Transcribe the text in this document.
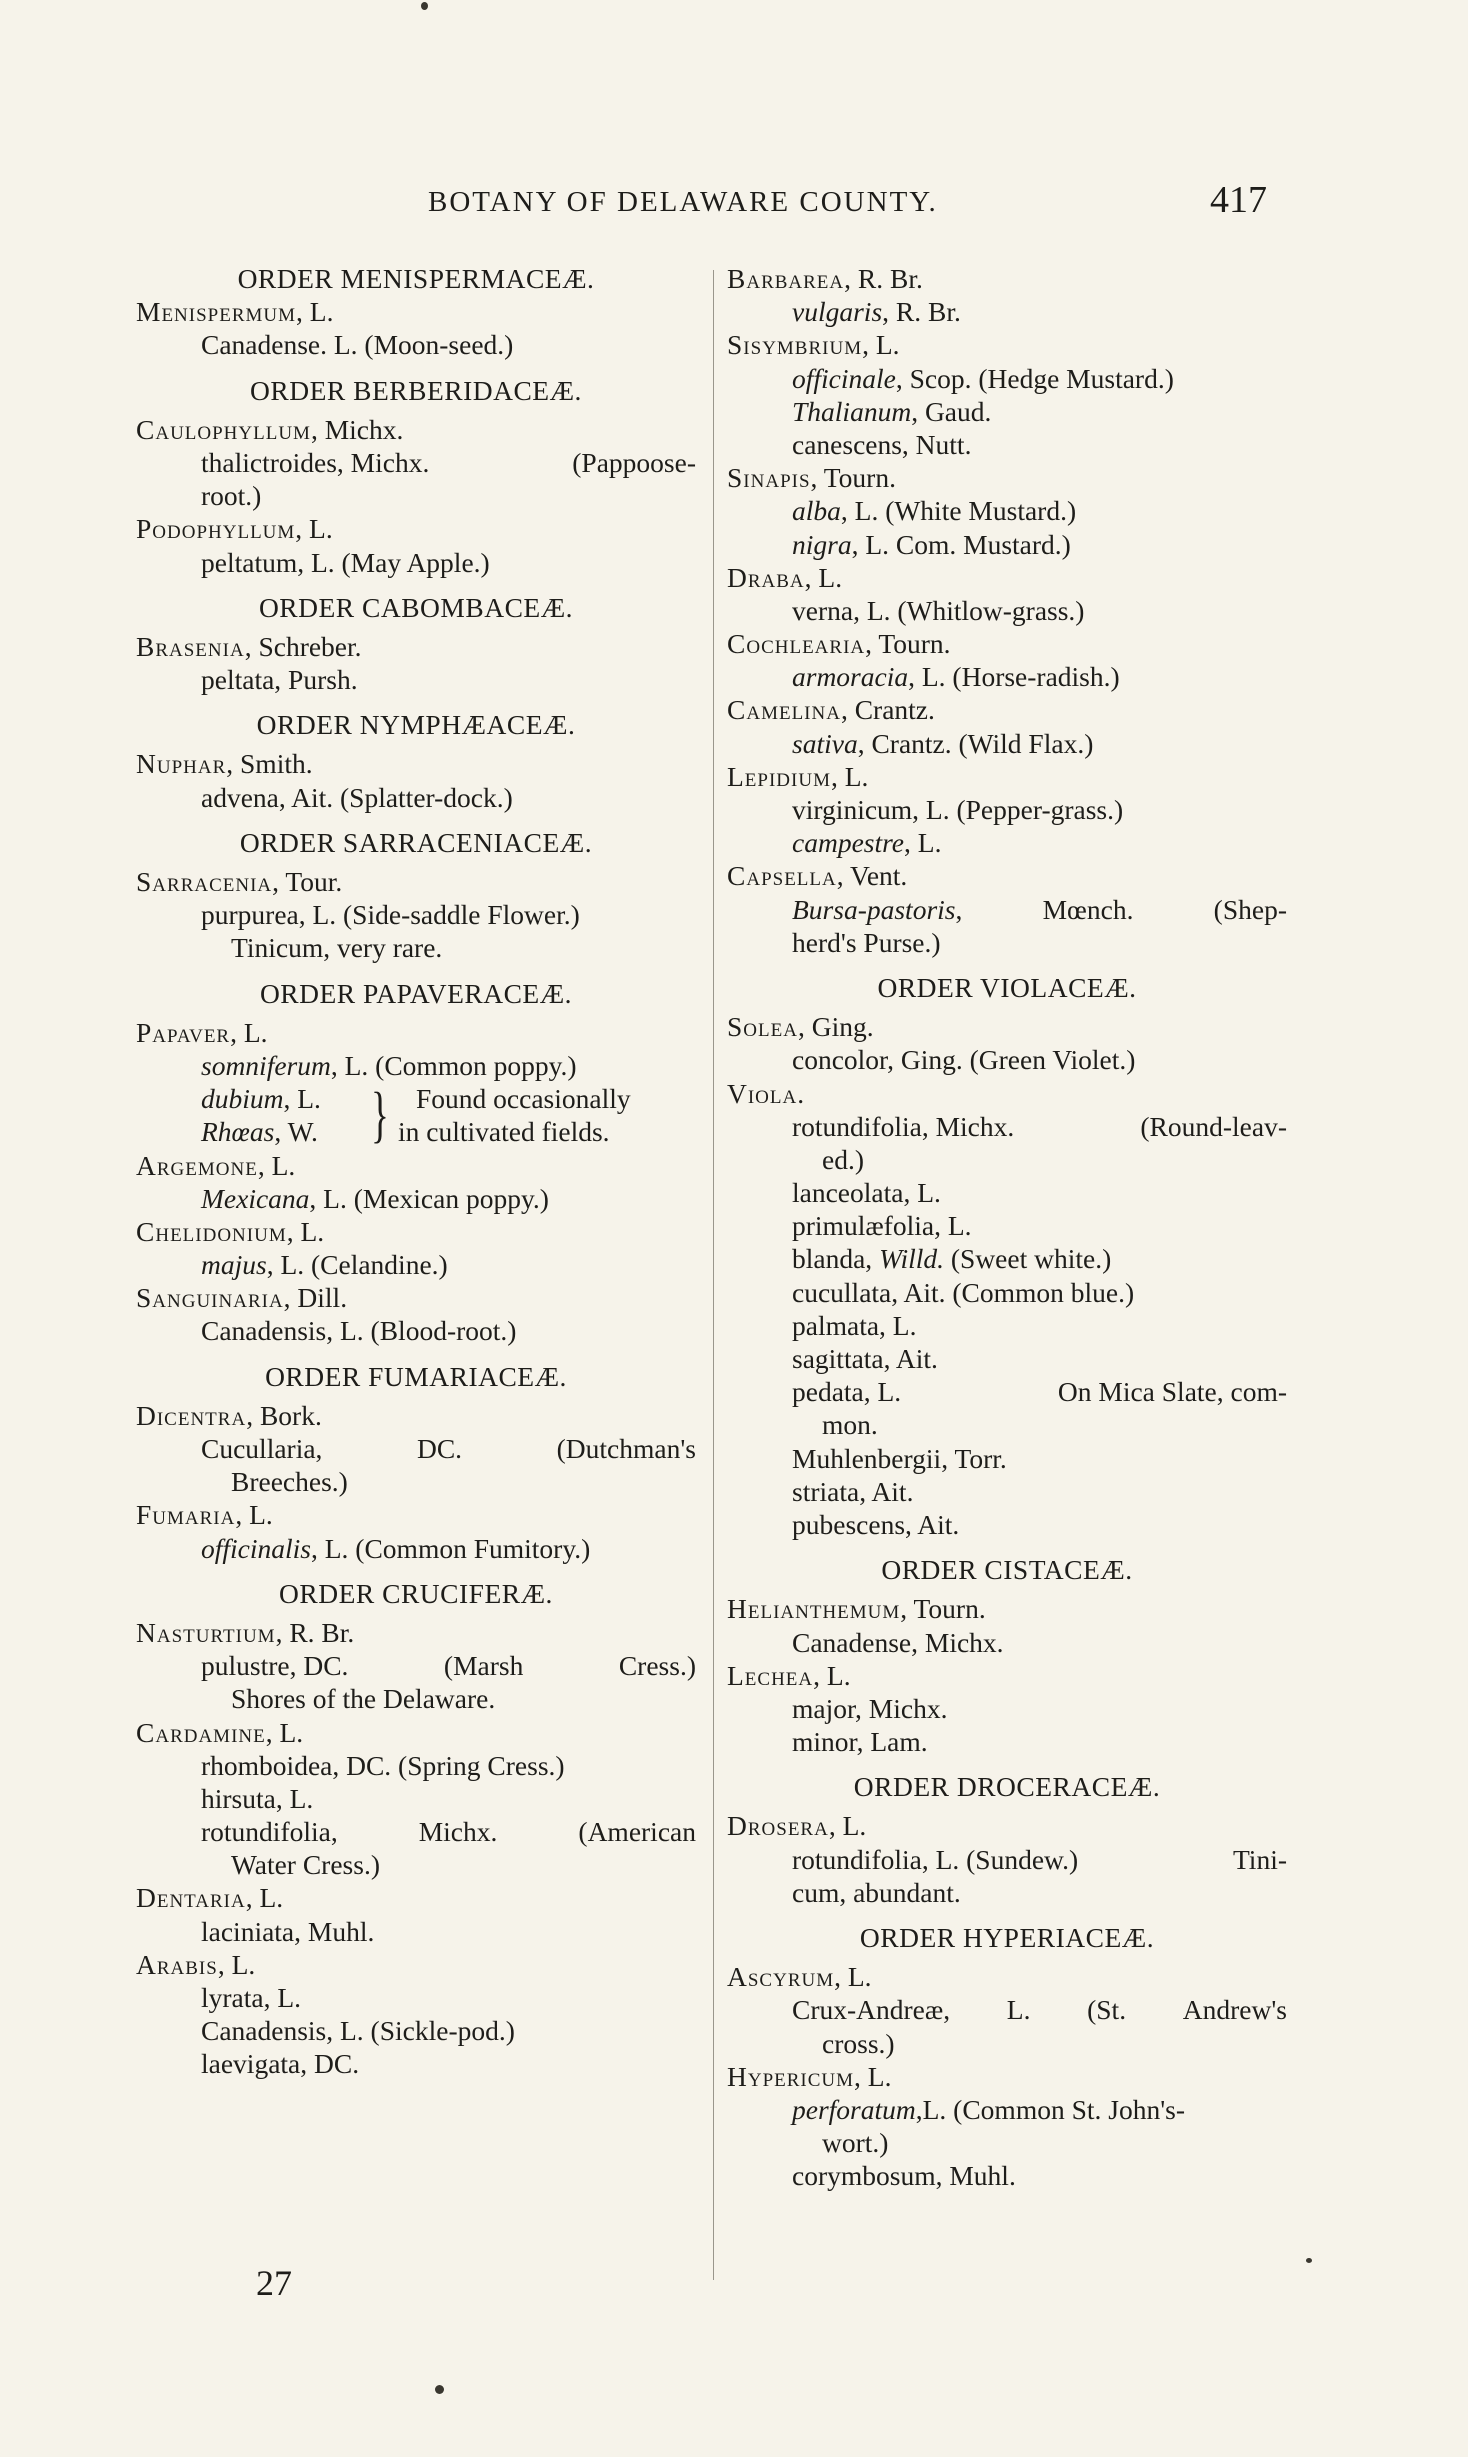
BOTANY OF DELAWARE COUNTY.	417
ORDER MENISPERMACEÆ.
Menispermum, L.
Canadense. L. (Moon-seed.)
ORDER BERBERIDACEÆ.
Caulophyllum, Michx.
thalictroides, Michx.	(Pappoose-
root.)
Podophyllum, L.
peltatum, L. (May Apple.)
ORDER CABOMBACEÆ.
Brasenia, Schreber.
peltata, Pursh.
ORDER NYMPHÆACEÆ.
Nuphar, Smith.
advena, Ait. (Splatter-dock.)
ORDER SARRACENIACEÆ.
Sarracenia, Tour.
purpurea, L. (Side-saddle Flower.)
Tinicum, very rare.
ORDER PAPAVERACEÆ.
Papaver, L.
somniferum, L. (Common poppy.)
dubium, L.
Rhœas, W. } Found occasionally
in cultivated fields.
Argemone, L.
Mexicana, L. (Mexican poppy.)
Chelidonium, L.
majus, L. (Celandine.)
Sanguinaria, Dill.
Canadensis, L. (Blood-root.)
ORDER FUMARIACEÆ.
Dicentra, Bork.
Cucullaria,	DC.	(Dutchman's
Breeches.)
Fumaria, L.
officinalis, L. (Common Fumitory.)
ORDER CRUCIFERÆ.
Nasturtium, R. Br.
pulustre, DC.	(Marsh	Cress.)
Shores of the Delaware.
Cardamine, L.
rhomboidea, DC. (Spring Cress.)
hirsuta, L.
rotundifolia,	Michx.	(American
Water Cress.)
Dentaria, L.
laciniata, Muhl.
Arabis, L.
lyrata, L.
Canadensis, L. (Sickle-pod.)
laevigata, DC.
Barbarea, R. Br.
vulgaris, R. Br.
Sisymbrium, L.
officinale, Scop. (Hedge Mustard.)
Thalianum, Gaud.
canescens, Nutt.
Sinapis, Tourn.
alba, L. (White Mustard.)
nigra, L. Com. Mustard.)
Draba, L.
verna, L. (Whitlow-grass.)
Cochlearia, Tourn.
armoracia, L. (Horse-radish.)
Camelina, Crantz.
sativa, Crantz. (Wild Flax.)
Lepidium, L.
virginicum, L. (Pepper-grass.)
campestre, L.
Capsella, Vent.
Bursa-pastoris,	Mœnch.	(Shep-
herd's Purse.)
ORDER VIOLACEÆ.
Solea, Ging.
concolor, Ging. (Green Violet.)
Viola.
rotundifolia, Michx.	(Round-leav-
ed.)
lanceolata, L.
primulæfolia, L.
blanda, Willd. (Sweet white.)
cucullata, Ait. (Common blue.)
palmata, L.
sagittata, Ait.
pedata, L.	On Mica Slate, com-
mon.
Muhlenbergii, Torr.
striata, Ait.
pubescens, Ait.
ORDER CISTACEÆ.
Helianthemum, Tourn.
Canadense, Michx.
Lechea, L.
major, Michx.
minor, Lam.
ORDER DROCERACEÆ.
Drosera, L.
rotundifolia, L. (Sundew.)	Tini-
cum, abundant.
ORDER HYPERIACEÆ.
Ascyrum, L.
Crux-Andreæ, L. (St. Andrew's
cross.)
Hypericum, L.
perforatum,L. (Common St. John's-
wort.)
corymbosum, Muhl.
27
